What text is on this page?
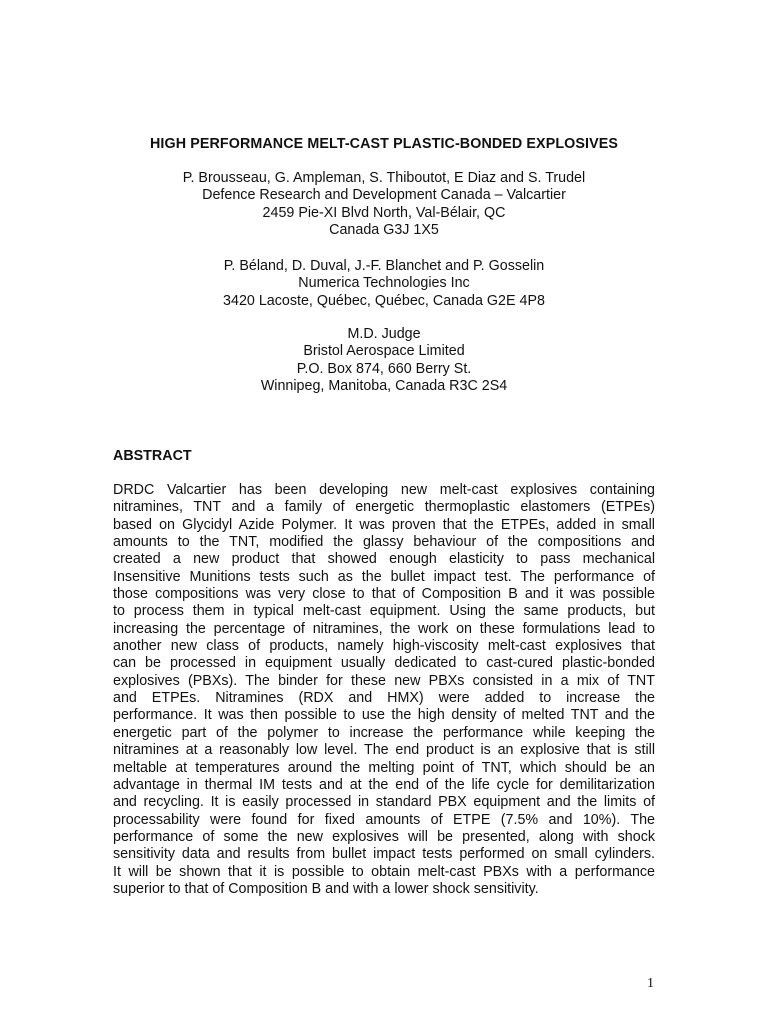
HIGH PERFORMANCE MELT-CAST PLASTIC-BONDED EXPLOSIVES
P. Brousseau, G. Ampleman, S. Thiboutot, E Diaz and S. Trudel
Defence Research and Development Canada – Valcartier
2459 Pie-XI Blvd North, Val-Bélair, QC
Canada G3J 1X5
P. Béland, D. Duval, J.-F. Blanchet and P. Gosselin
Numerica Technologies Inc
3420 Lacoste, Québec, Québec, Canada G2E 4P8
M.D. Judge
Bristol Aerospace Limited
P.O. Box 874, 660 Berry St.
Winnipeg, Manitoba, Canada R3C 2S4
ABSTRACT
DRDC Valcartier has been developing new melt-cast explosives containing
nitramines, TNT and a family of energetic thermoplastic elastomers (ETPEs)
based on Glycidyl Azide Polymer. It was proven that the ETPEs, added in small
amounts to the TNT, modified the glassy behaviour of the compositions and
created a new product that showed enough elasticity to pass mechanical
Insensitive Munitions tests such as the bullet impact test. The performance of
those compositions was very close to that of Composition B and it was possible
to process them in typical melt-cast equipment. Using the same products, but
increasing the percentage of nitramines, the work on these formulations lead to
another new class of products, namely high-viscosity melt-cast explosives that
can be processed in equipment usually dedicated to cast-cured plastic-bonded
explosives (PBXs). The binder for these new PBXs consisted in a mix of TNT
and ETPEs. Nitramines (RDX and HMX) were added to increase the
performance. It was then possible to use the high density of melted TNT and the
energetic part of the polymer to increase the performance while keeping the
nitramines at a reasonably low level. The end product is an explosive that is still
meltable at temperatures around the melting point of TNT, which should be an
advantage in thermal IM tests and at the end of the life cycle for demilitarization
and recycling. It is easily processed in standard PBX equipment and the limits of
processability were found for fixed amounts of ETPE (7.5% and 10%). The
performance of some the new explosives will be presented, along with shock
sensitivity data and results from bullet impact tests performed on small cylinders.
It will be shown that it is possible to obtain melt-cast PBXs with a performance
superior to that of Composition B and with a lower shock sensitivity.
1
